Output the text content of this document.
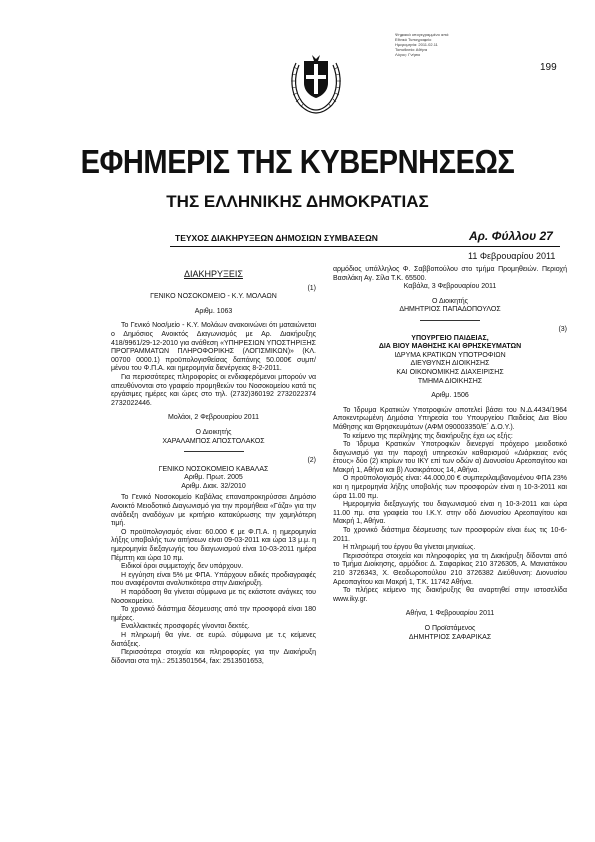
Ψηφιακά υπογεγραμμένο από:
Εθνικό Τυπογραφείο
Ημερομηνία: 2011.02.11
Τοποθεσία: Αθήνα
Λόγος: Γνήσιο
199
ΕΦΗΜΕΡΙΣ ΤΗΣ ΚΥΒΕΡΝΗΣΕΩΣ
ΤΗΣ ΕΛΛΗΝΙΚΗΣ ΔΗΜΟΚΡΑΤΙΑΣ
ΤΕΥΧΟΣ ΔΙΑΚΗΡΥΞΕΩΝ ΔΗΜΟΣΙΩΝ ΣΥΜΒΑΣΕΩΝ	Αρ. Φύλλου 27
11 Φεβρουαρίου 2011

ΔΙΑΚΗΡΥΞΕΙΣ

(1)

ΓΕΝΙΚΟ ΝΟΣΟΚΟΜΕΙΟ - Κ.Υ. ΜΟΛΑΩΝ

Αριθμ. 1063

Το Γενικό Νοσ/μείο - Κ.Υ. Μολάων ανακοινώνει ότι ματαιώνεται ο Δημόσιος Ανοικτός Διαγωνισμός με Αρ. Διακήρυξης 418/9961/29-12-2010 για ανάθεση «ΥΠΗΡΕΣΙΩΝ ΥΠΟΣΤΗΡΙΞΗΣ ΠΡΟΓΡΑΜΜΑΤΩΝ ΠΛΗΡΟΦΟΡΙΚΗΣ (ΛΟΓΙΣΜΙΚΩΝ)» (ΚΛ. 00700 0000.1) προϋπολογισθείσας δαπάνης 50.000€ συμπ/μένου του Φ.Π.Α. και ημερομηνία διενέργειας 8-2-2011.

Για περισσότερες πληροφορίες οι ενδιαφερόμενοι μπορούν να απευθύνονται στο γραφείο προμηθειών του Νοσοκομείου κατά τις εργάσιμες ημέρες και ώρες στο τηλ. (2732)360192 2732022374 2732022446.

Μολάοι, 2 Φεβρουαρίου 2011

Ο Διοικητής

ΧΑΡΑΛΑΜΠΟΣ ΑΠΟΣΤΟΛΑΚΟΣ

(2)

ΓΕΝΙΚΟ ΝΟΣΟΚΟΜΕΙΟ ΚΑΒΑΛΑΣ

Αριθμ. Πρωτ. 2005

Αριθμ. Διακ. 32/2010

Το Γενικό Νοσοκομείο Καβάλας επαναπροκηρύσσει Δημόσιο Ανοικτό Μειοδοτικό Διαγωνισμό για την προμήθεια «Γάζα» για την ανάδειξη αναδόχων με κριτήριο κατακύρωσης την χαμηλότερη τιμή.

Ο προϋπολογισμός είναι: 60.000 € με Φ.Π.Α. η ημερομηνία λήξης υποβολής των αιτήσεων είναι 09-03-2011 και ώρα 13 μ.μ. η ημερομηνία διεξαγωγής του διαγωνισμού είναι 10-03-2011 ημέρα Πέμπτη και ώρα 10 πμ.

Ειδικοί όροι συμμετοχής δεν υπάρχουν.

Η εγγύηση είναι 5% με ΦΠΑ. Υπάρχουν ειδικές προδιαγραφές που αναφέρονται αναλυτικότερα στην Διακήρυξη.

Η παράδοση θα γίνεται σύμφωνα με τις εκάστοτε ανάγκες του Νοσοκομείου.

Το χρονικό διάστημα δέσμευσης από την προσφορά είναι 180 ημέρες.

Εναλλακτικές προσφορές γίνονται δεκτές.

Η πληρωμή θα γίνε. σε ευρώ. σύμφωνα με τ.ς κείμενες διατάξεις.

Περισσότερα στοιχεία και πληροφορίες για την Διακήρυξη δίδονται στα τηλ.: 2513501564, fax: 2513501653,

αρμόδιος υπάλληλος Φ. Σαββοπούλου στο τμήμα Προμηθειών. Περιοχή Βασιλάκη Αγ. Σίλα Τ.Κ. 65500.

Καβάλα, 3 Φεβρουαρίου 2011

Ο Διοικητής

ΔΗΜΗΤΡΙΟΣ ΠΑΠΑΔΟΠΟΥΛΟΣ

(3)

ΥΠΟΥΡΓΕΙΟ ΠΑΙΔΕΙΑΣ,

ΔΙΑ ΒΙΟΥ ΜΑΘΗΣΗΣ ΚΑΙ ΘΡΗΣΚΕΥΜΑΤΩΝ

ΙΔΡΥΜΑ ΚΡΑΤΙΚΩΝ ΥΠΟΤΡΟΦΙΩΝ

ΔΙΕΥΘΥΝΣΗ ΔΙΟΙΚΗΣΗΣ

ΚΑΙ ΟΙΚΟΝΟΜΙΚΗΣ ΔΙΑΧΕΙΡΙΣΗΣ

ΤΜΗΜΑ ΔΙΟΙΚΗΣΗΣ

Αριθμ. 1506

Το Ίδρυμα Κρατικών Υποτροφιών αποτελεί βάσει του Ν.Δ.4434/1964 Αποκεντρωμένη Δημόσια Υπηρεσία του Υπουργείου Παιδείας Δια Βίου Μάθησης και Θρησκευμάτων (ΑΦΜ 090003350/Ε΄ Δ.Ο.Υ.).

Το κείμενο της περίληψης της διακήρυξης έχει ως εξής:

Το Ίδρυμα Κρατικών Υποτροφιών διενεργεί πρόχειρο μειοδοτικό διαγωνισμό για την παροχή υπηρεσιών καθαρισμού «Διάρκειας ενός έτους» δύο (2) κτιρίων του ΙΚΥ επί των οδών α) Διονυσίου Αρεοπαγίτου και Μακρή 1, Αθήνα και β) Λυσικράτους 14, Αθήνα.

Ο προϋπολογισμός είναι: 44.000,00 € συμπεριλαμβανομένου ΦΠΑ 23% και η ημερομηνία λήξης υποβολής των προσφορών είναι η 10-3-2011 και ώρα 11.00 πμ.

Ημερομηνία διεξαγωγής του διαγωνισμού είναι η 10-3-2011 και ώρα 11.00 πμ. στα γραφεία του Ι.Κ.Υ. στην οδό Διονυσίου Αρεοπαγίτου και Μακρή 1, Αθήνα.

Το χρονικό διάστημα δέσμευσης των προσφορών είναι έως τις 10-6-2011.

Η πληρωμή του έργου θα γίνεται μηνιαίως.

Περισσότερα στοιχεία και πληροφορίες για τη Διακήρυξη δίδονται από το Τμήμα Διοίκησης, αρμόδιοι: Δ. Σαφαρίκας 210 3726305, Α. Μανιατάκου 210 3726343, Χ. Θεοδωροπούλου 210 3726382 Διεύθυνση: Διονυσίου Αρεοπαγίτου και Μακρή 1, Τ.Κ. 11742 Αθήνα.

Το πλήρες κείμενο της διακήρυξης θα αναρτηθεί στην ιστοσελίδα www.iky.gr.

Αθήνα, 1 Φεβρουαρίου 2011

Ο Προϊστάμενος

ΔΗΜΗΤΡΙΟΣ ΣΑΦΑΡΙΚΑΣ
